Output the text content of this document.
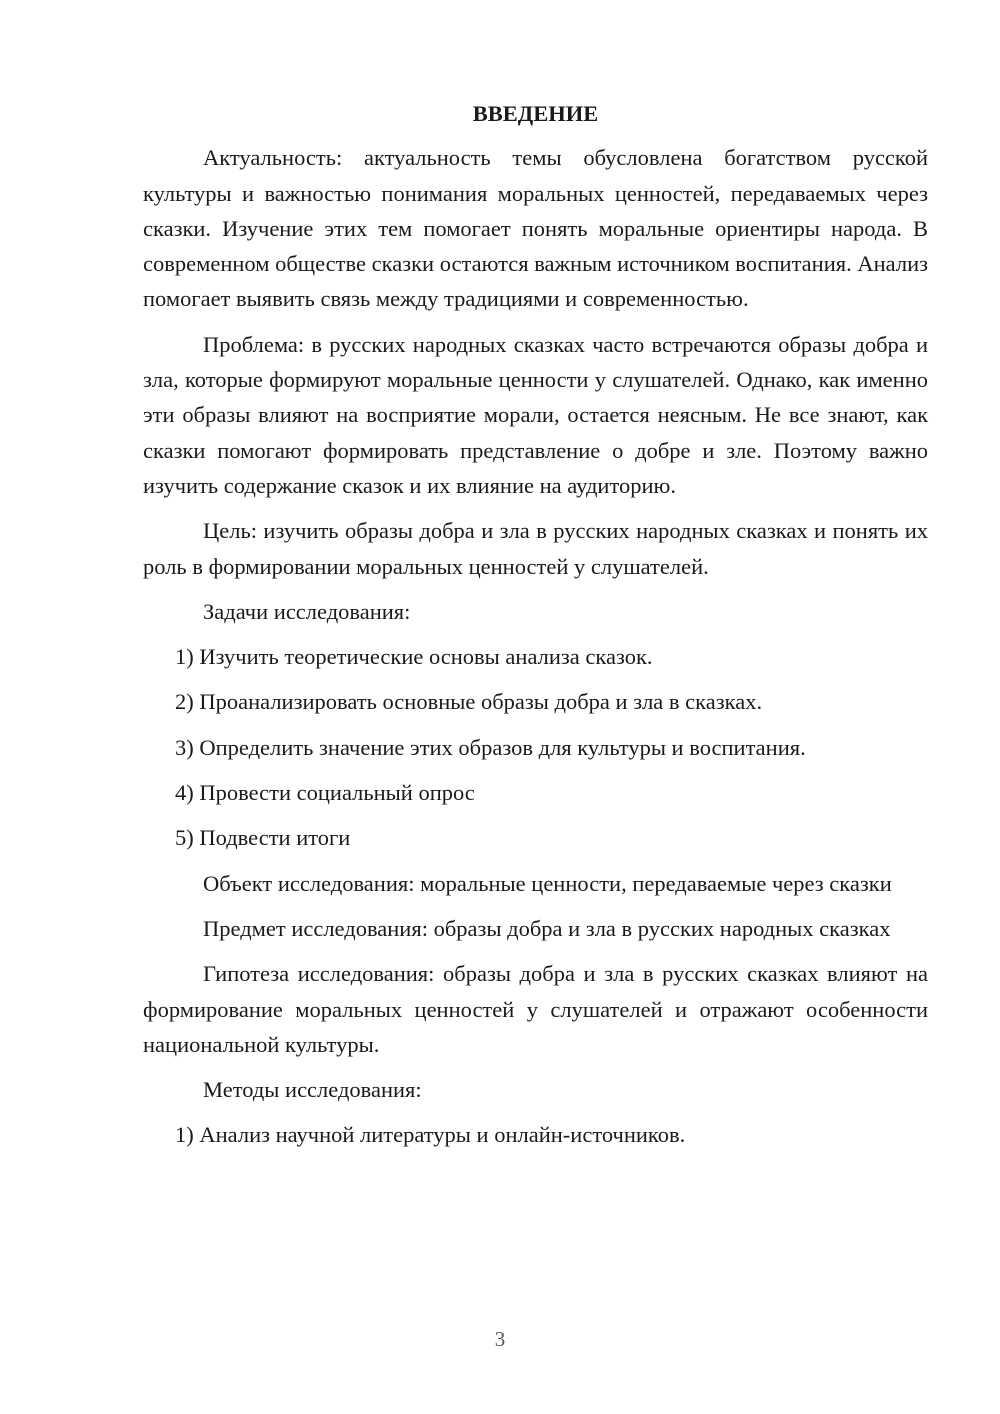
ВВЕДЕНИЕ

Актуальность: актуальность темы обусловлена богатством русской культуры и важностью понимания моральных ценностей, передаваемых через сказки. Изучение этих тем помогает понять моральные ориентиры народа. В современном обществе сказки остаются важным источником воспитания. Анализ помогает выявить связь между традициями и современностью.

Проблема: в русских народных сказках часто встречаются образы добра и зла, которые формируют моральные ценности у слушателей. Однако, как именно эти образы влияют на восприятие морали, остается неясным. Не все знают, как сказки помогают формировать представление о добре и зле. Поэтому важно изучить содержание сказок и их влияние на аудиторию.

Цель: изучить образы добра и зла в русских народных сказках и понять их роль в формировании моральных ценностей у слушателей.

Задачи исследования:

1) Изучить теоретические основы анализа сказок.
2) Проанализировать основные образы добра и зла в сказках.
3) Определить значение этих образов для культуры и воспитания.
4) Провести социальный опрос
5) Подвести итоги

Объект исследования: моральные ценности, передаваемые через сказки

Предмет исследования: образы добра и зла в русских народных сказках

Гипотеза исследования: образы добра и зла в русских сказках влияют на формирование моральных ценностей у слушателей и отражают особенности национальной культуры.

Методы исследования:

1) Анализ научной литературы и онлайн-источников.
3
